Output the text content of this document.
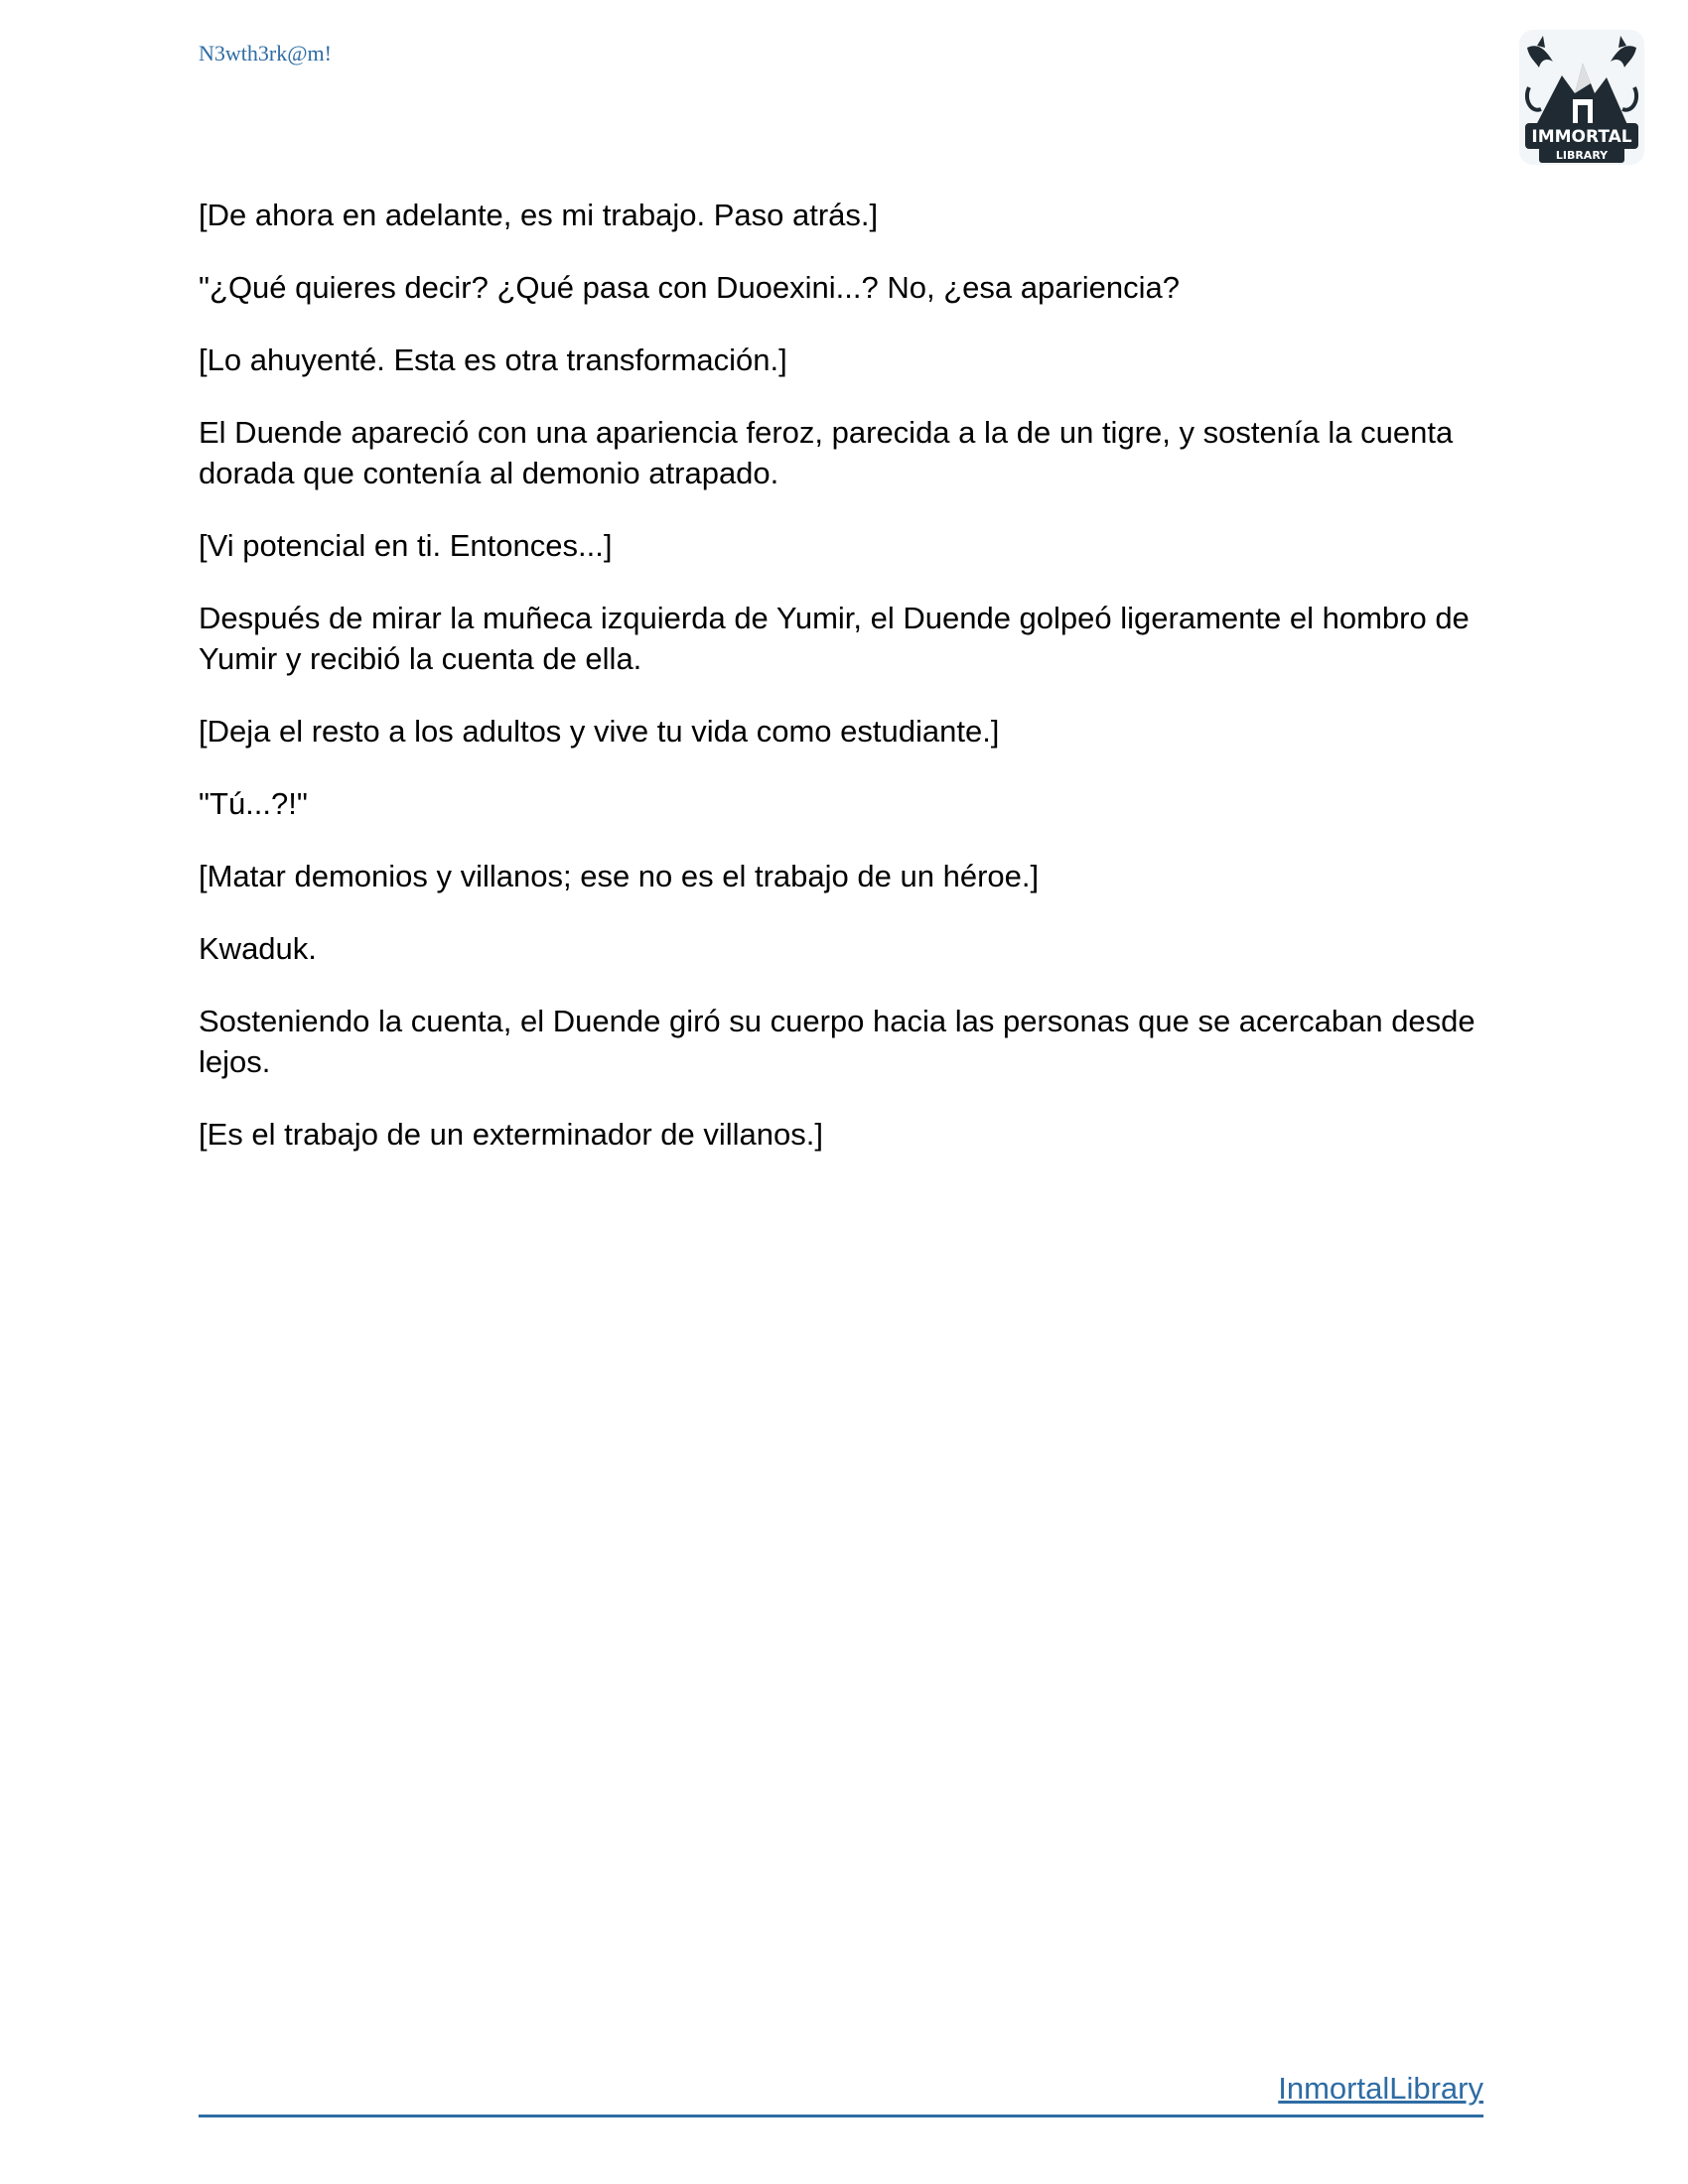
N3wth3rk@m!
IMMORTAL
LIBRARY

[De ahora en adelante, es mi trabajo. Paso atrás.]

"¿Qué quieres decir? ¿Qué pasa con Duoexini...? No, ¿esa apariencia?

[Lo ahuyenté. Esta es otra transformación.]

El Duende apareció con una apariencia feroz, parecida a la de un tigre, y sostenía la cuenta dorada que contenía al demonio atrapado.

[Vi potencial en ti. Entonces...]

Después de mirar la muñeca izquierda de Yumir, el Duende golpeó ligeramente el hombro de Yumir y recibió la cuenta de ella.

[Deja el resto a los adultos y vive tu vida como estudiante.]

"Tú...?!"

[Matar demonios y villanos; ese no es el trabajo de un héroe.]

Kwaduk.

Sosteniendo la cuenta, el Duende giró su cuerpo hacia las personas que se acercaban desde lejos.

[Es el trabajo de un exterminador de villanos.]

InmortalLibrary
